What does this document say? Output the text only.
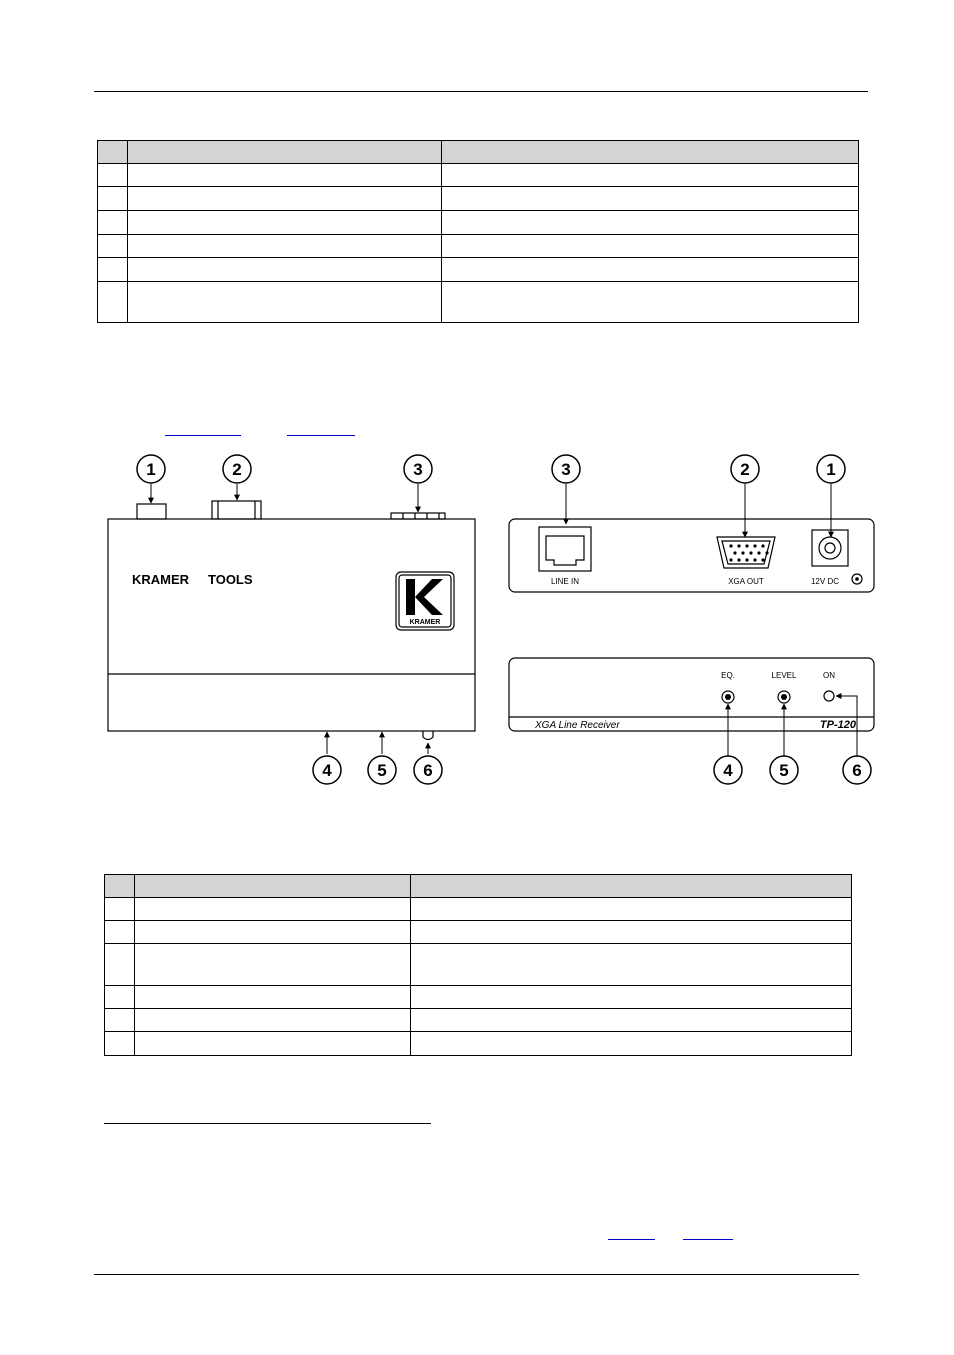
KRAMER
KRAMER TOOLS	LINE IN	XGA OUT	12V DC
EQ.	LEVEL	ON
XGA Line Receiver	TP-120
1	2	3	3	2	1
4	5 6	4	5	6
